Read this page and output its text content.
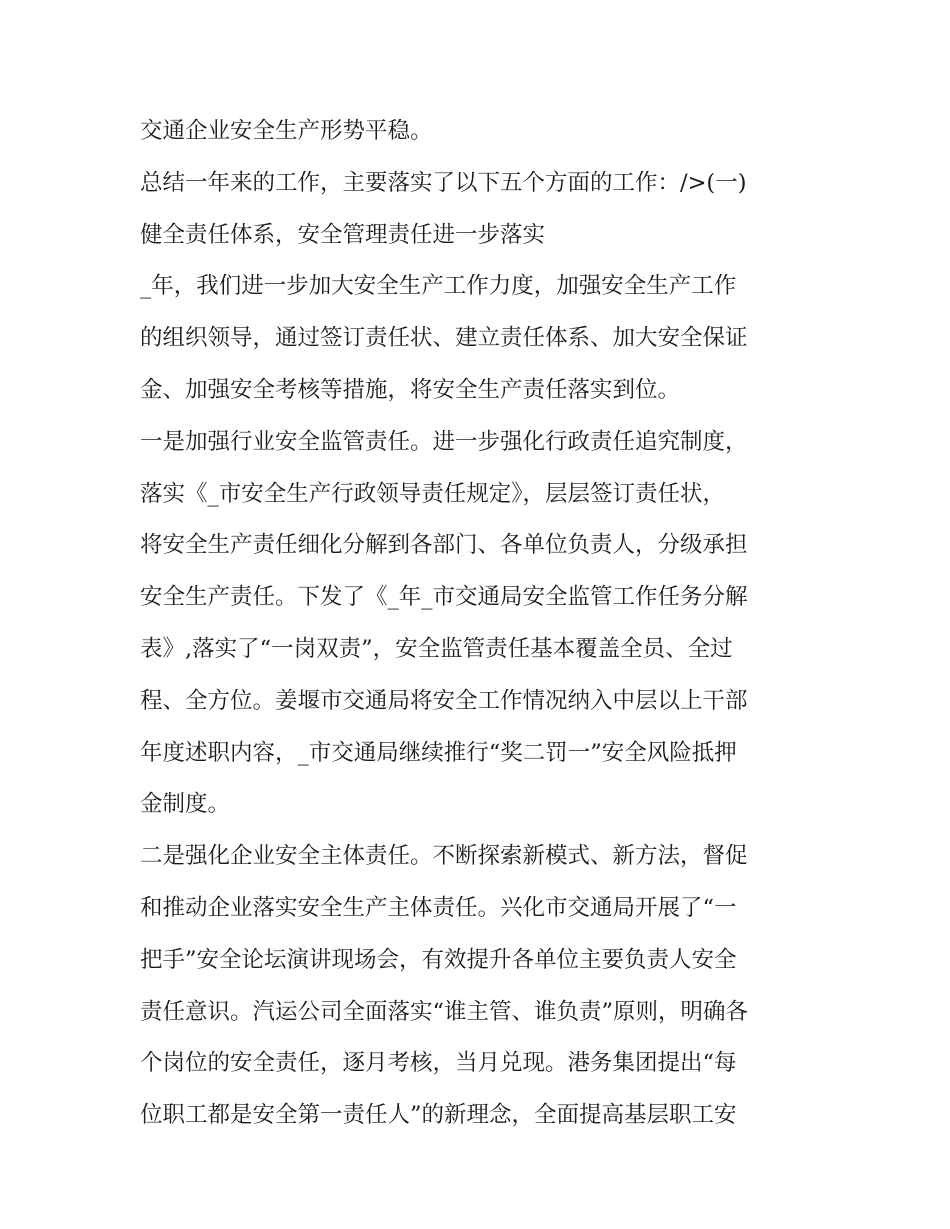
交通企业安全生产形势平稳。
总结一年来的工作，主要落实了以下五个方面的工作：/>(一)
健全责任体系，安全管理责任进一步落实
_年，我们进一步加大安全生产工作力度，加强安全生产工作
的组织领导，通过签订责任状、建立责任体系、加大安全保证
金、加强安全考核等措施，将安全生产责任落实到位。
一是加强行业安全监管责任。进一步强化行政责任追究制度，
落实《_市安全生产行政领导责任规定》，层层签订责任状，
将安全生产责任细化分解到各部门、各单位负责人，分级承担
安全生产责任。下发了《_年_市交通局安全监管工作任务分解
表》,落实了“一岗双责”，安全监管责任基本覆盖全员、全过
程、全方位。姜堰市交通局将安全工作情况纳入中层以上干部
年度述职内容，_市交通局继续推行“奖二罚一”安全风险抵押
金制度。
二是强化企业安全主体责任。不断探索新模式、新方法，督促
和推动企业落实安全生产主体责任。兴化市交通局开展了“一
把手”安全论坛演讲现场会，有效提升各单位主要负责人安全
责任意识。汽运公司全面落实“谁主管、谁负责”原则，明确各
个岗位的安全责任，逐月考核，当月兑现。港务集团提出“每
位职工都是安全第一责任人”的新理念，全面提高基层职工安
